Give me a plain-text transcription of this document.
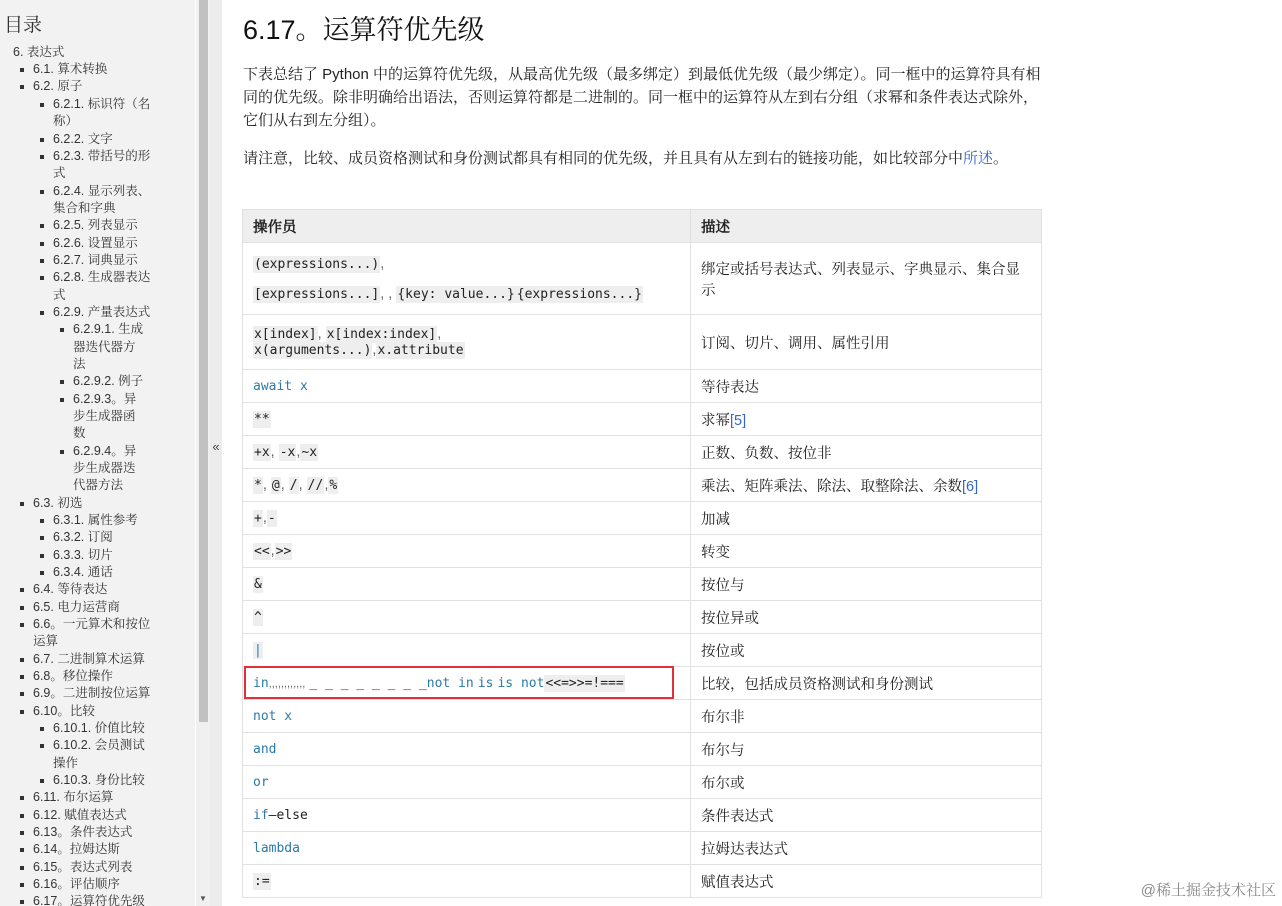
目录
6. 表达式
6.1. 算术转换
6.2. 原子
6.2.1. 标识符（名
称）
6.2.2. 文字
6.2.3. 带括号的形
式
6.2.4. 显示列表、
集合和字典
6.2.5. 列表显示
6.2.6. 设置显示
6.2.7. 词典显示
6.2.8. 生成器表达
式
6.2.9. 产量表达式
6.2.9.1. 生成
器迭代器方
法
6.2.9.2. 例子
6.2.9.3。异
步生成器函
数
6.2.9.4。异
步生成器迭
代器方法
6.3. 初选
6.3.1. 属性参考
6.3.2. 订阅
6.3.3. 切片
6.3.4. 通话
6.4. 等待表达
6.5. 电力运营商
6.6。一元算术和按位
运算
6.7. 二进制算术运算
6.8。移位操作
6.9。二进制按位运算
6.10。比较
6.10.1. 价值比较
6.10.2. 会员测试
操作
6.10.3. 身份比较
6.11. 布尔运算
6.12. 赋值表达式
6.13。条件表达式
6.14。拉姆达斯
6.15。表达式列表
6.16。评估顺序
6.17。运算符优先级	▼
«
6.17。运算符优先级

下表总结了 Python 中的运算符优先级，从最高优先级（最多绑定）到最低优先级（最少绑定）。同一框中的运算符具有相同的优先级。除非明确给出语法，否则运算符都是二进制的。同一框中的运算符从左到右分组（求幂和条件表达式除外，它们从右到左分组）。

请注意，比较、成员资格测试和身份测试都具有相同的优先级，并且具有从左到右的链接功能，如比较部分中所述。

操作员	描述

(expressions...),
[expressions...], , {key: value...} {expressions...}	绑定或括号表达式、列表显示、字典显示、集合显示

x[index], x[index:index],
x(arguments...),x.attribute	订阅、切片、调用、属性引用
await x	等待表达
**	求幂[5]
+x, -x,~x	正数、负数、按位非
*, @, /, //,%	乘法、矩阵乘法、除法、取整除法、余数[6]
+,-	加减
<<,>>	转变
&	按位与
^	按位异或
|	按位或
in,,,,,,,,,,,, _ _ _ _ _ _ _ _not in is is not<<=>>=!===	比较，包括成员资格测试和身份测试
not x	布尔非
and	布尔与
or	布尔或
if–else	条件表达式
lambda	拉姆达表达式
:=	赋值表达式	@稀土掘金技术社区
